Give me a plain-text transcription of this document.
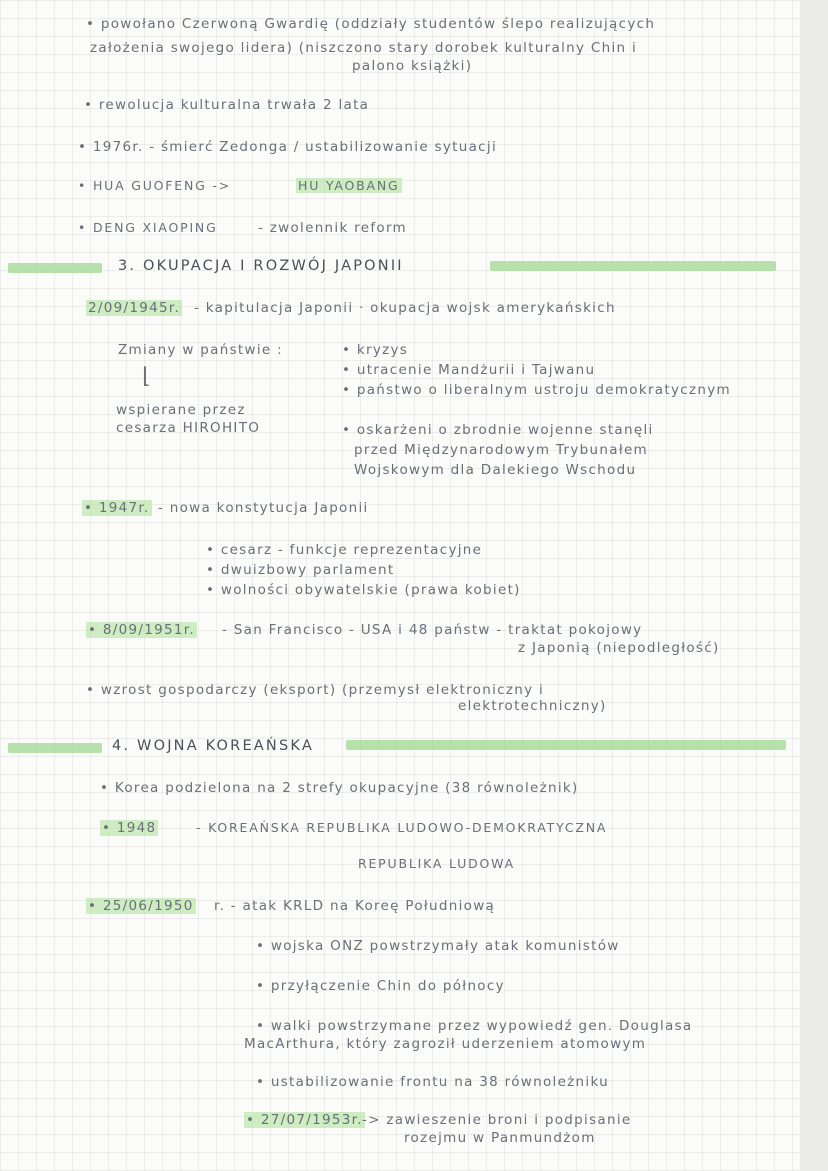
• powołano Czerwoną Gwardię (oddziały studentów ślepo realizujących
założenia swojego lidera) (niszczono stary dorobek kulturalny Chin i
palono książki)
• rewolucja kulturalna trwała 2 lata
• 1976r. - śmierć Zedonga / ustabilizowanie sytuacji
• HUA GUOFENG ->	HU YAOBANG
• DENG XIAOPING	- zwolennik reform
3. OKUPACJA I ROZWÓJ JAPONII
2/09/1945r. - kapitulacja Japonii · okupacja wojsk amerykańskich
Zmiany w państwie :	• kryzys
• utracenie Mandżurii i Tajwanu
• państwo o liberalnym ustroju demokratycznym
⌊
wspierane przez
cesarza HIROHITO	• oskarżeni o zbrodnie wojenne stanęli
przed Międzynarodowym Trybunałem
Wojskowym dla Dalekiego Wschodu
• 1947r. - nowa konstytucja Japonii
• cesarz - funkcje reprezentacyjne
• dwuizbowy parlament
• wolności obywatelskie (prawa kobiet)
• 8/09/1951r. - San Francisco - USA i 48 państw - traktat pokojowy
z Japonią (niepodległość)
• wzrost gospodarczy (eksport) (przemysł elektroniczny i
elektrotechniczny)
4. WOJNA KOREAŃSKA
• Korea podzielona na 2 strefy okupacyjne (38 równoleżnik)
• 1948	- KOREAŃSKA REPUBLIKA LUDOWO-DEMOKRATYCZNA
REPUBLIKA LUDOWA
• 25/06/1950 r. - atak KRLD na Koreę Południową
• wojska ONZ powstrzymały atak komunistów
• przyłączenie Chin do północy
• walki powstrzymane przez wypowiedź gen. Douglasa
MacArthura, który zagroził uderzeniem atomowym
• ustabilizowanie frontu na 38 równoleżniku
• 27/07/1953r. -> zawieszenie broni i podpisanie
rozejmu w Panmundżom
